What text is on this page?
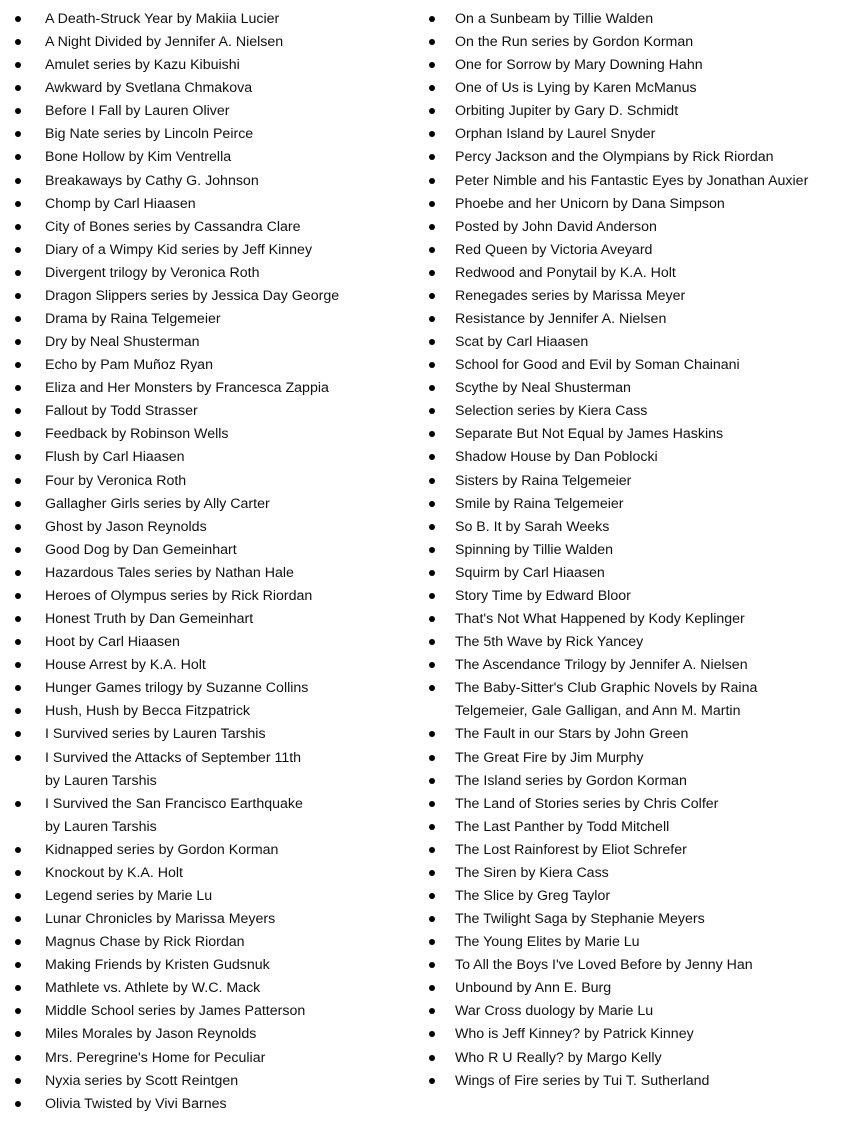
A Death-Struck Year by Makiia Lucier
A Night Divided by Jennifer A. Nielsen
Amulet series by Kazu Kibuishi
Awkward by Svetlana Chmakova
Before I Fall by Lauren Oliver
Big Nate series by Lincoln Peirce
Bone Hollow by Kim Ventrella
Breakaways by Cathy G. Johnson
Chomp by Carl Hiaasen
City of Bones series by Cassandra Clare
Diary of a Wimpy Kid series by Jeff Kinney
Divergent trilogy by Veronica Roth
Dragon Slippers series by Jessica Day George
Drama by Raina Telgemeier
Dry by Neal Shusterman
Echo by Pam Muñoz Ryan
Eliza and Her Monsters by Francesca Zappia
Fallout by Todd Strasser
Feedback by Robinson Wells
Flush by Carl Hiaasen
Four by Veronica Roth
Gallagher Girls series by Ally Carter
Ghost by Jason Reynolds
Good Dog by Dan Gemeinhart
Hazardous Tales series by Nathan Hale
Heroes of Olympus series by Rick Riordan
Honest Truth by Dan Gemeinhart
Hoot by Carl Hiaasen
House Arrest by K.A. Holt
Hunger Games trilogy by Suzanne Collins
Hush, Hush by Becca Fitzpatrick
I Survived series by Lauren Tarshis
I Survived the Attacks of September 11th
by Lauren Tarshis
I Survived the San Francisco Earthquake
by Lauren Tarshis
Kidnapped series by Gordon Korman
Knockout by K.A. Holt
Legend series by Marie Lu
Lunar Chronicles by Marissa Meyers
Magnus Chase by Rick Riordan
Making Friends by Kristen Gudsnuk
Mathlete vs. Athlete by W.C. Mack
Middle School series by James Patterson
Miles Morales by Jason Reynolds
Mrs. Peregrine's Home for Peculiar
Nyxia series by Scott Reintgen
Olivia Twisted by Vivi Barnes
On a Sunbeam by Tillie Walden
On the Run series by Gordon Korman
One for Sorrow by Mary Downing Hahn
One of Us is Lying by Karen McManus
Orbiting Jupiter by Gary D. Schmidt
Orphan Island by Laurel Snyder
Percy Jackson and the Olympians by Rick Riordan
Peter Nimble and his Fantastic Eyes by Jonathan Auxier
Phoebe and her Unicorn by Dana Simpson
Posted by John David Anderson
Red Queen by Victoria Aveyard
Redwood and Ponytail by K.A. Holt
Renegades series by Marissa Meyer
Resistance by Jennifer A. Nielsen
Scat by Carl Hiaasen
School for Good and Evil by Soman Chainani
Scythe by Neal Shusterman
Selection series by Kiera Cass
Separate But Not Equal by James Haskins
Shadow House by Dan Poblocki
Sisters by Raina Telgemeier
Smile by Raina Telgemeier
So B. It by Sarah Weeks
Spinning by Tillie Walden
Squirm by Carl Hiaasen
Story Time by Edward Bloor
That's Not What Happened by Kody Keplinger
The 5th Wave by Rick Yancey
The Ascendance Trilogy by Jennifer A. Nielsen
The Baby-Sitter's Club Graphic Novels by Raina
Telgemeier, Gale Galligan, and Ann M. Martin
The Fault in our Stars by John Green
The Great Fire by Jim Murphy
The Island series by Gordon Korman
The Land of Stories series by Chris Colfer
The Last Panther by Todd Mitchell
The Lost Rainforest by Eliot Schrefer
The Siren by Kiera Cass
The Slice by Greg Taylor
The Twilight Saga by Stephanie Meyers
The Young Elites by Marie Lu
To All the Boys I've Loved Before by Jenny Han
Unbound by Ann E. Burg
War Cross duology by Marie Lu
Who is Jeff Kinney? by Patrick Kinney
Who R U Really? by Margo Kelly
Wings of Fire series by Tui T. Sutherland
